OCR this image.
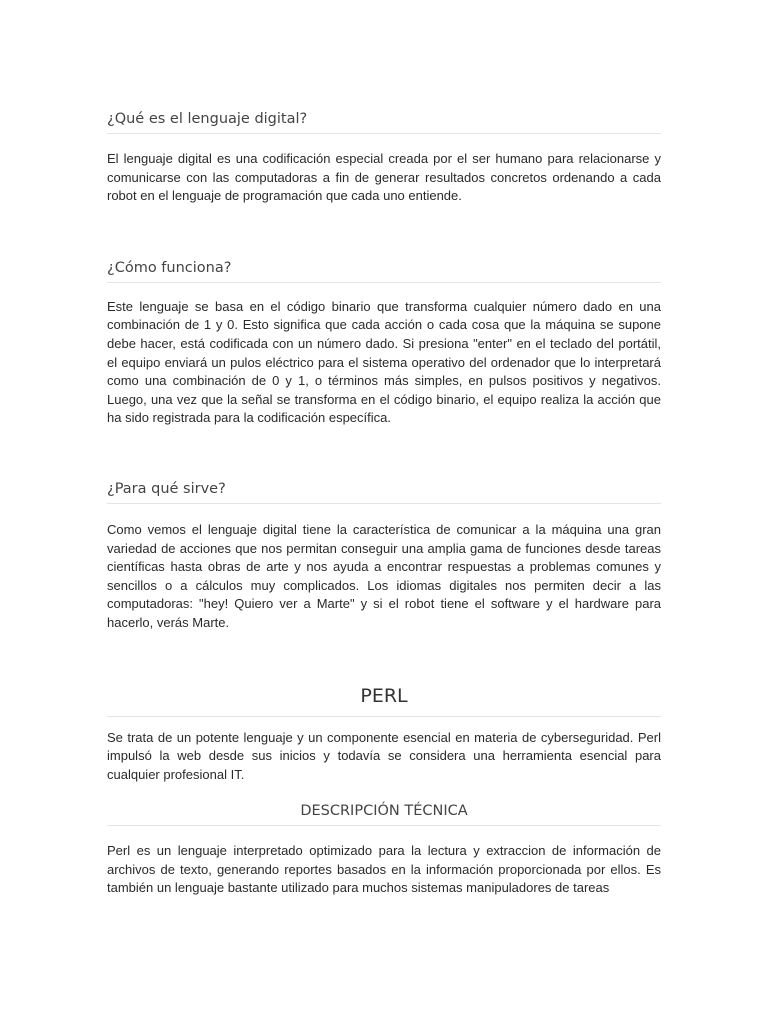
¿Qué es el lenguaje digital?

El lenguaje digital es una codificación especial creada por el ser humano para relacionarse y comunicarse con las computadoras a fin de generar resultados concretos ordenando a cada robot en el lenguaje de programación que cada uno entiende.

¿Cómo funciona?

Este lenguaje se basa en el código binario que transforma cualquier número dado en una combinación de 1 y 0. Esto significa que cada acción o cada cosa que la máquina se supone debe hacer, está codificada con un número dado. Si presiona "enter" en el teclado del portátil, el equipo enviará un pulos eléctrico para el sistema operativo del ordenador que lo interpretará como una combinación de 0 y 1, o términos más simples, en pulsos positivos y negativos. Luego, una vez que la señal se transforma en el código binario, el equipo realiza la acción que ha sido registrada para la codificación específica.

¿Para qué sirve?

Como vemos el lenguaje digital tiene la característica de comunicar a la máquina una gran variedad de acciones que nos permitan conseguir una amplia gama de funciones desde tareas científicas hasta obras de arte y nos ayuda a encontrar respuestas a problemas comunes y sencillos o a cálculos muy complicados. Los idiomas digitales nos permiten decir a las computadoras: "hey! Quiero ver a Marte" y si el robot tiene el software y el hardware para hacerlo, verás Marte.

PERL

Se trata de un potente lenguaje y un componente esencial en materia de cyberseguridad. Perl impulsó la web desde sus inicios y todavía se considera una herramienta esencial para cualquier profesional IT.

DESCRIPCIÓN TÉCNICA

Perl es un lenguaje interpretado optimizado para la lectura y extraccion de información de archivos de texto, generando reportes basados en la información proporcionada por ellos. Es también un lenguaje bastante utilizado para muchos sistemas manipuladores de tareas
